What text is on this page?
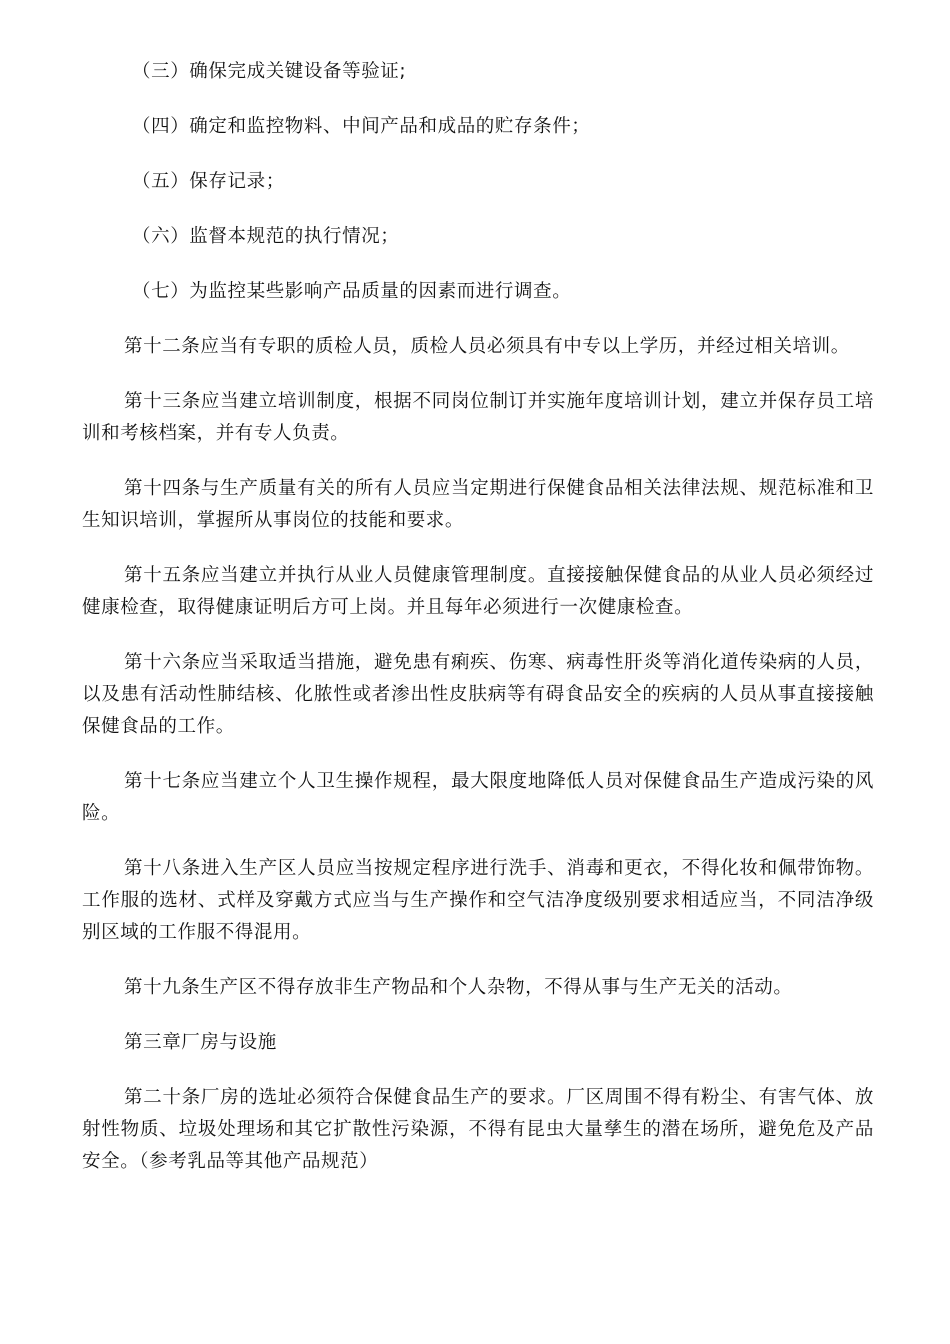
（三）确保完成关键设备等验证;

（四）确定和监控物料、中间产品和成品的贮存条件；

（五）保存记录；

（六）监督本规范的执行情况；

（七）为监控某些影响产品质量的因素而进行调查。

第十二条应当有专职的质检人员，质检人员必须具有中专以上学历，并经过相关培训。

第十三条应当建立培训制度，根据不同岗位制订并实施年度培训计划，建立并保存员工培训和考核档案，并有专人负责。

第十四条与生产质量有关的所有人员应当定期进行保健食品相关法律法规、规范标准和卫生知识培训，掌握所从事岗位的技能和要求。

第十五条应当建立并执行从业人员健康管理制度。直接接触保健食品的从业人员必须经过健康检查，取得健康证明后方可上岗。并且每年必须进行一次健康检查。

第十六条应当采取适当措施，避免患有痢疾、伤寒、病毒性肝炎等消化道传染病的人员，以及患有活动性肺结核、化脓性或者渗出性皮肤病等有碍食品安全的疾病的人员从事直接接触保健食品的工作。

第十七条应当建立个人卫生操作规程，最大限度地降低人员对保健食品生产造成污染的风险。

第十八条进入生产区人员应当按规定程序进行洗手、消毒和更衣，不得化妆和佩带饰物。工作服的选材、式样及穿戴方式应当与生产操作和空气洁净度级别要求相适应当，不同洁净级别区域的工作服不得混用。

第十九条生产区不得存放非生产物品和个人杂物，不得从事与生产无关的活动。

第三章厂房与设施

第二十条厂房的选址必须符合保健食品生产的要求。厂区周围不得有粉尘、有害气体、放射性物质、垃圾处理场和其它扩散性污染源，不得有昆虫大量孳生的潜在场所，避免危及产品安全。（参考乳品等其他产品规范）
